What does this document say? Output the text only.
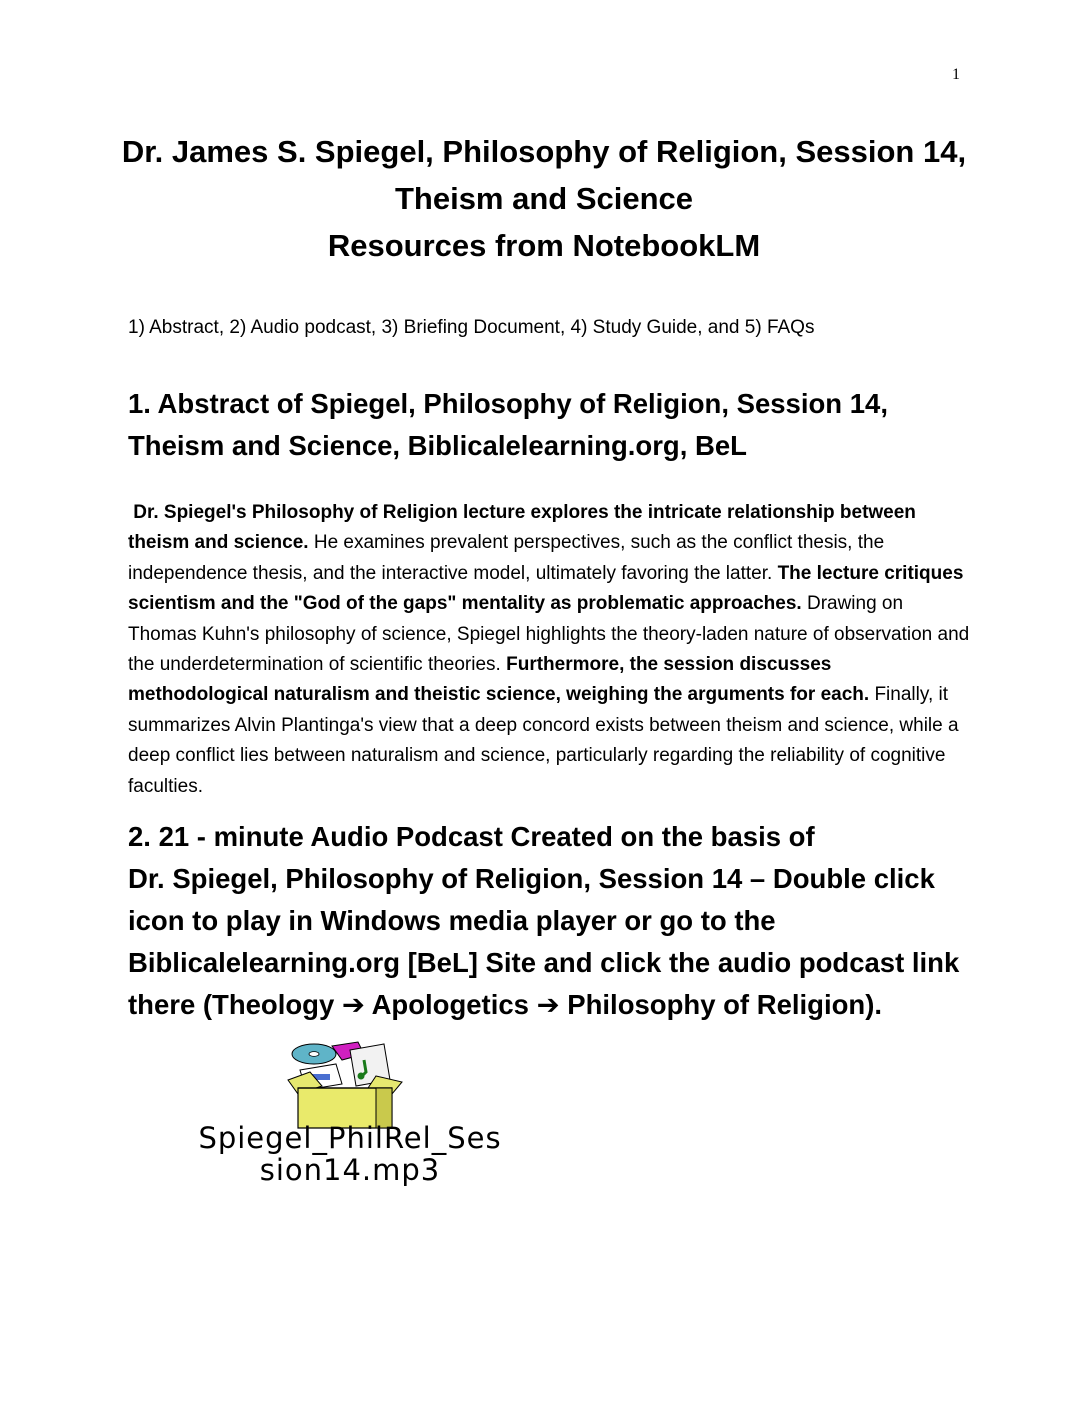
1
Dr. James S. Spiegel, Philosophy of Religion, Session 14,
Theism and Science
Resources from NotebookLM
1) Abstract, 2) Audio podcast, 3) Briefing Document, 4) Study Guide, and 5) FAQs
1. Abstract of Spiegel, Philosophy of Religion, Session 14,
Theism and Science, Biblicalelearning.org, BeL
Dr. Spiegel's Philosophy of Religion lecture explores the intricate relationship between theism and science. He examines prevalent perspectives, such as the conflict thesis, the independence thesis, and the interactive model, ultimately favoring the latter. The lecture critiques scientism and the "God of the gaps" mentality as problematic approaches. Drawing on Thomas Kuhn's philosophy of science, Spiegel highlights the theory-laden nature of observation and the underdetermination of scientific theories. Furthermore, the session discusses methodological naturalism and theistic science, weighing the arguments for each. Finally, it summarizes Alvin Plantinga's view that a deep concord exists between theism and science, while a deep conflict lies between naturalism and science, particularly regarding the reliability of cognitive faculties.
2. 21 - minute Audio Podcast Created on the basis of
Dr. Spiegel, Philosophy of Religion, Session 14 – Double click
icon to play in Windows media player or go to the
Biblicalelearning.org [BeL] Site and click the audio podcast link
there (Theology ➔ Apologetics ➔ Philosophy of Religion).
Spiegel_PhilRel_Ses
sion14.mp3
